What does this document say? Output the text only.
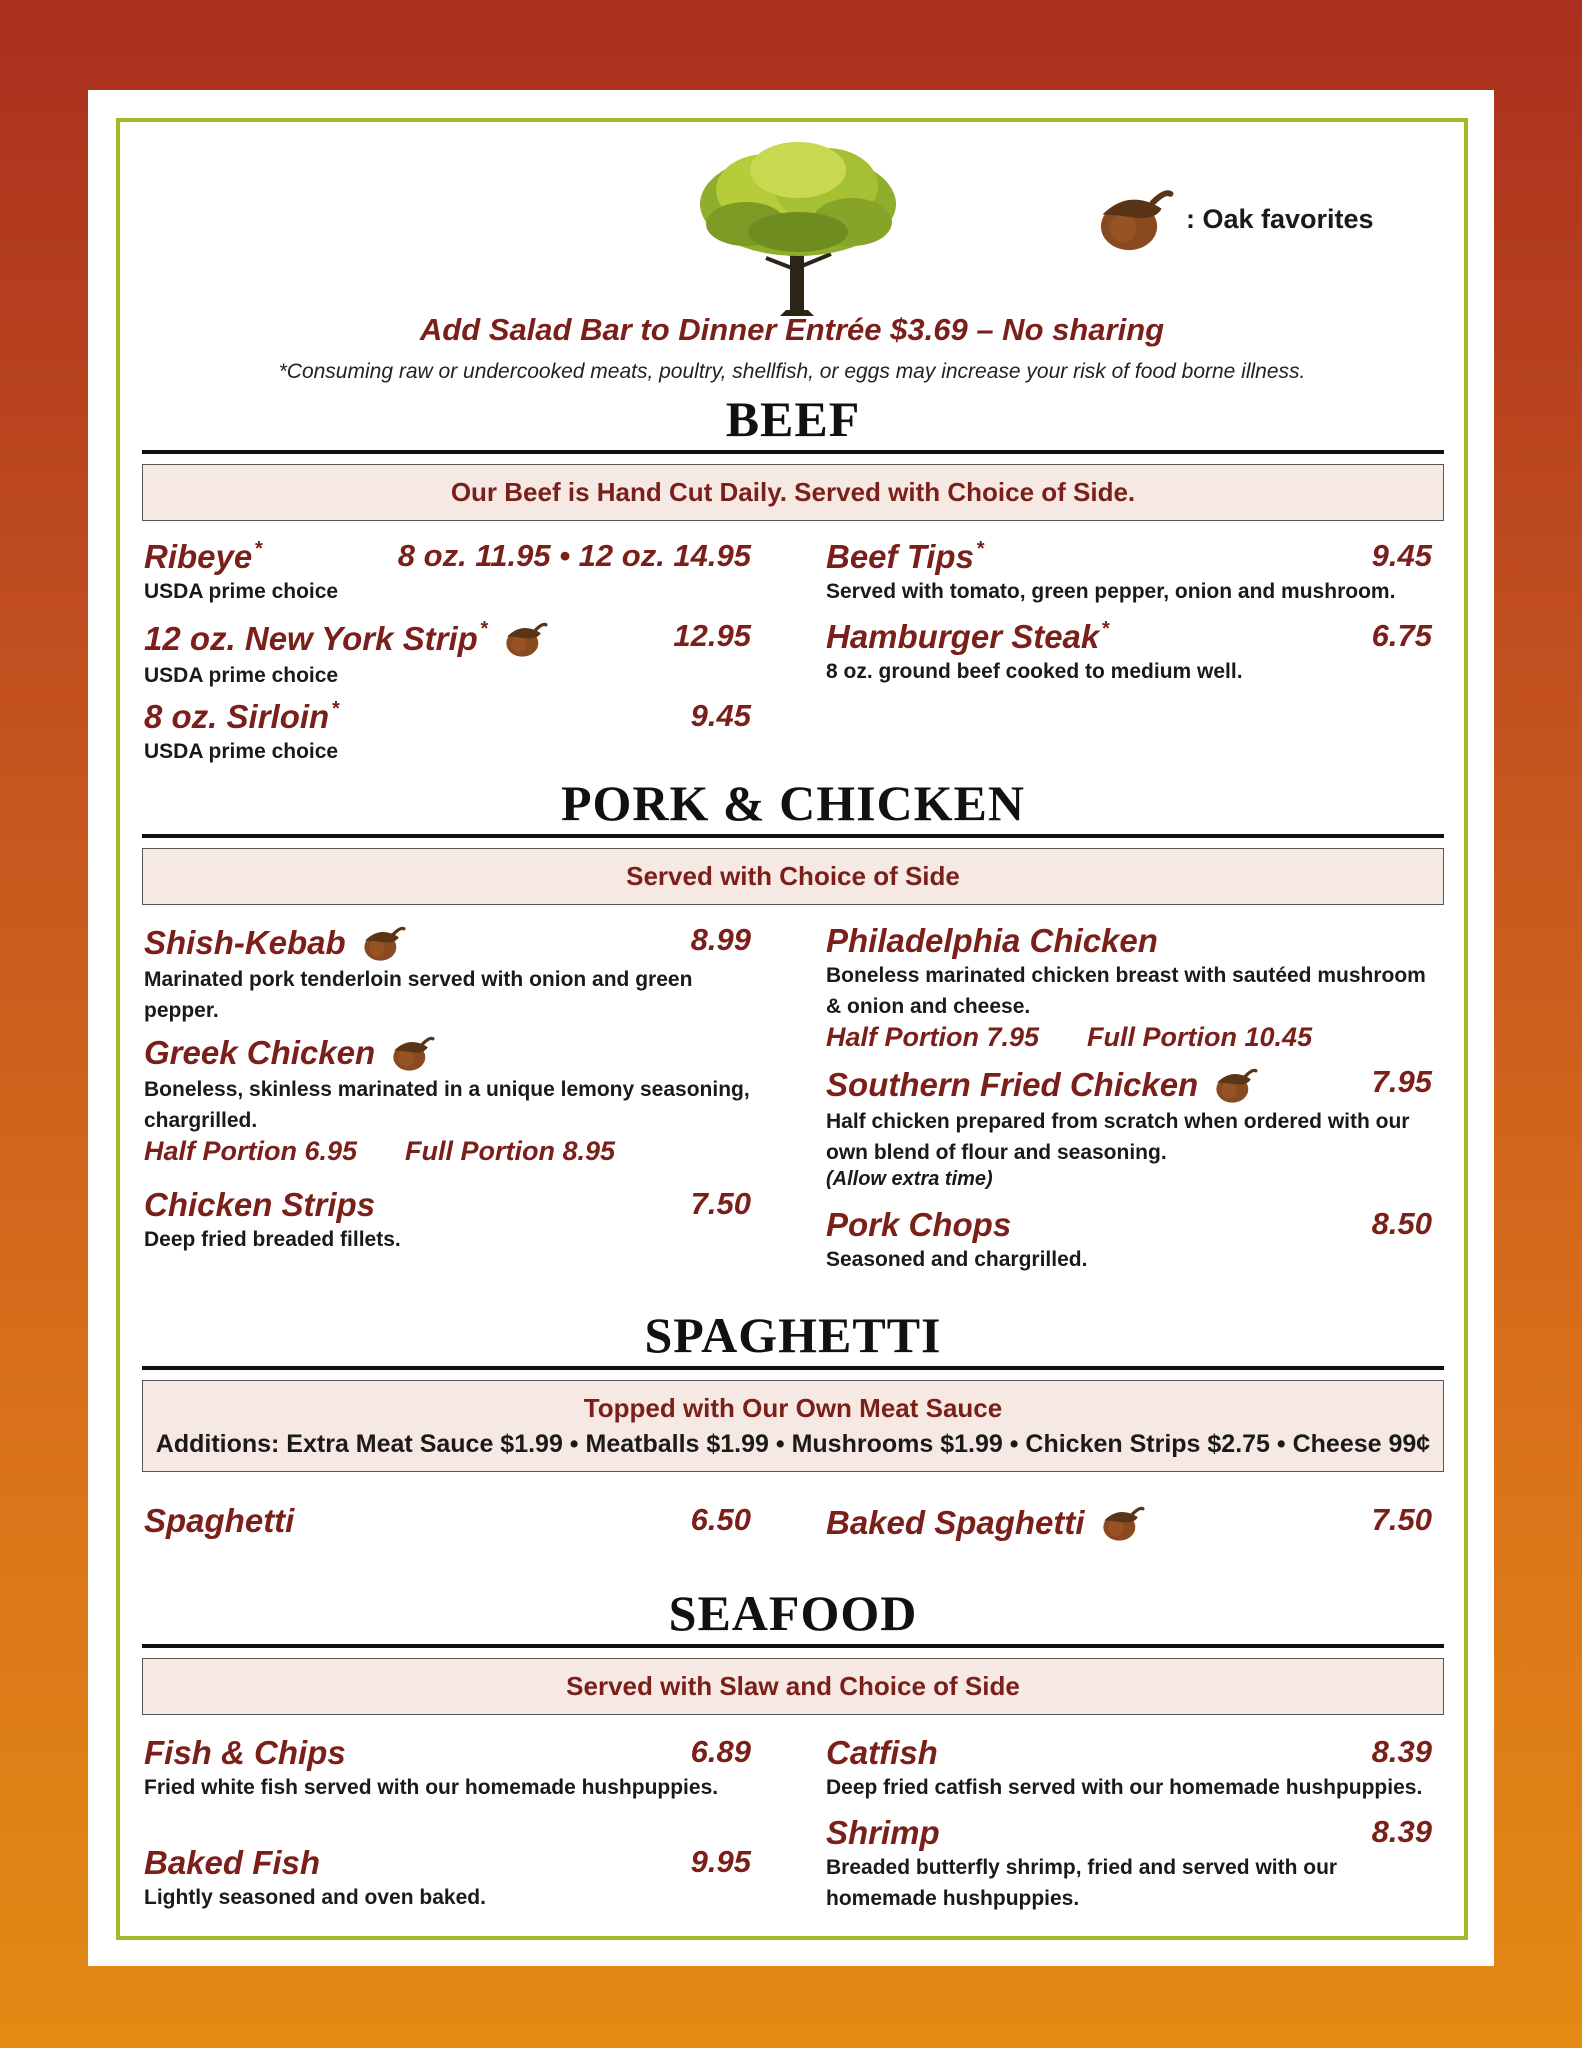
: Oak favorites
Add Salad Bar to Dinner Entrée $3.69 – No sharing
*Consuming raw or undercooked meats, poultry, shellfish, or eggs may increase your risk of food borne illness.
BEEF
Our Beef is Hand Cut Daily. Served with Choice of Side.
Ribeye *	8 oz. 11.95 • 12 oz. 14.95
USDA prime choice
12 oz. New York Strip *	12.95
USDA prime choice
8 oz. Sirloin *	9.45
USDA prime choice
Beef Tips *	9.45
Served with tomato, green pepper, onion and mushroom.
Hamburger Steak *	6.75
8 oz. ground beef cooked to medium well.
PORK & CHICKEN
Served with Choice of Side
Shish-Kebab	8.99
Marinated pork tenderloin served with onion and green
pepper.
Greek Chicken
Boneless, skinless marinated in a unique lemony seasoning,
chargrilled.
Half Portion 6.95 Full Portion 8.95
Chicken Strips	7.50
Deep fried breaded fillets.
Philadelphia Chicken
Boneless marinated chicken breast with sautéed mushroom
& onion and cheese.
Half Portion 7.95 Full Portion 10.45
Southern Fried Chicken	7.95
Half chicken prepared from scratch when ordered with our
own blend of flour and seasoning.
(Allow extra time)
Pork Chops	8.50
Seasoned and chargrilled.
SPAGHETTI
Topped with Our Own Meat Sauce
Additions: Extra Meat Sauce $1.99 • Meatballs $1.99 • Mushrooms $1.99 • Chicken Strips $2.75 • Cheese 99¢
Spaghetti	6.50 Baked Spaghetti	7.50
SEAFOOD
Served with Slaw and Choice of Side
Fish & Chips	6.89
Fried white fish served with our homemade hushpuppies.
Baked Fish	9.95
Lightly seasoned and oven baked.
Catfish	8.39
Deep fried catfish served with our homemade hushpuppies.
Shrimp	8.39
Breaded butterfly shrimp, fried and served with our
homemade hushpuppies.
